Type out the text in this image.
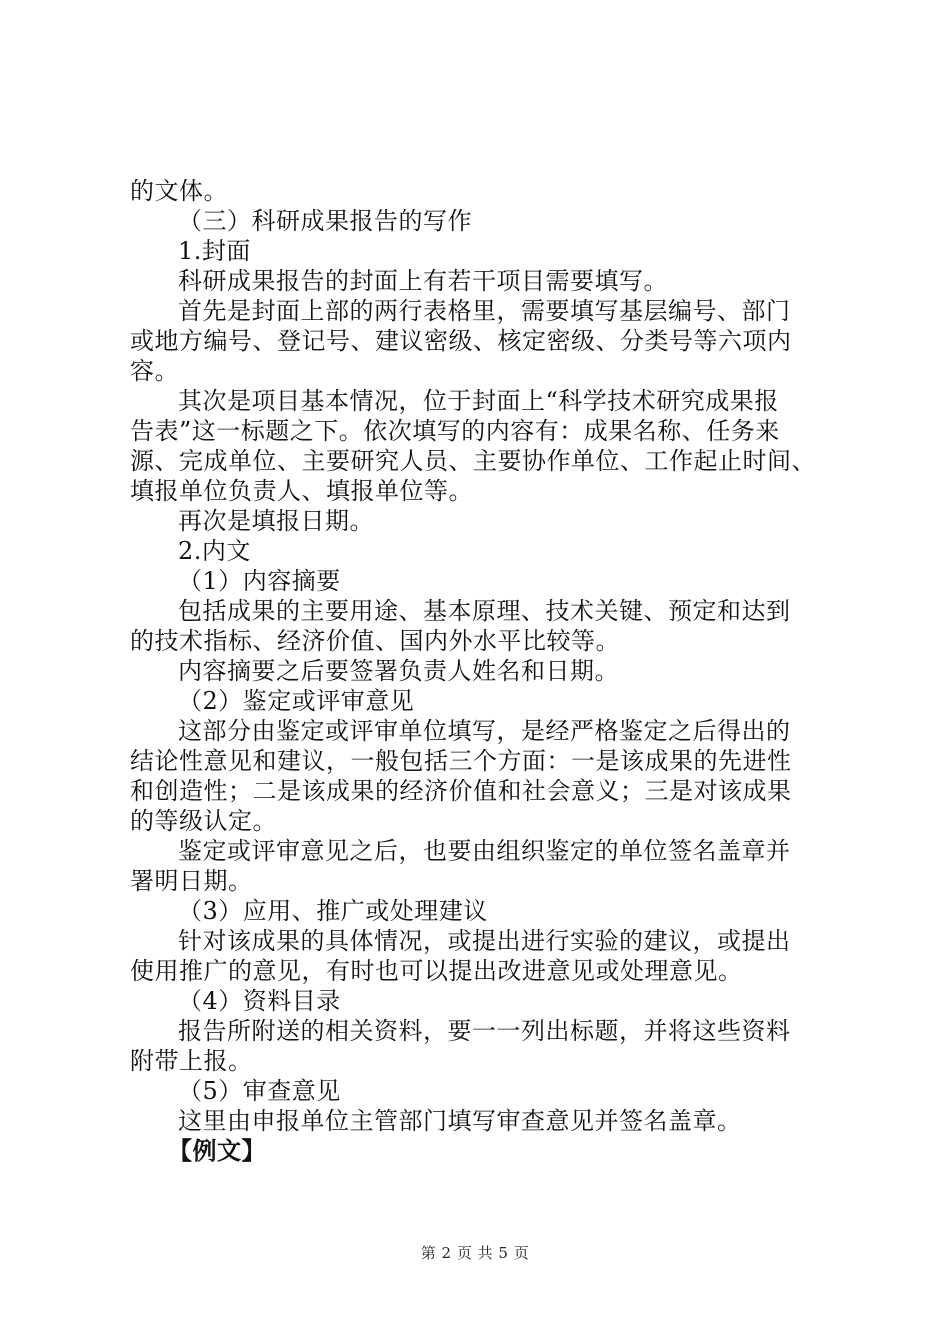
的文体。
（三）科研成果报告的写作
1.封面
科研成果报告的封面上有若干项目需要填写。
首先是封面上部的两行表格里，需要填写基层编号、部门
或地方编号、登记号、建议密级、核定密级、分类号等六项内
容。
其次是项目基本情况，位于封面上“科学技术研究成果报
告表”这一标题之下。依次填写的内容有：成果名称、任务来
源、完成单位、主要研究人员、主要协作单位、工作起止时间、
填报单位负责人、填报单位等。
再次是填报日期。
2.内文
（1）内容摘要
包括成果的主要用途、基本原理、技术关键、预定和达到
的技术指标、经济价值、国内外水平比较等。
内容摘要之后要签署负责人姓名和日期。
（2）鉴定或评审意见
这部分由鉴定或评审单位填写，是经严格鉴定之后得出的
结论性意见和建议，一般包括三个方面：一是该成果的先进性
和创造性；二是该成果的经济价值和社会意义；三是对该成果
的等级认定。
鉴定或评审意见之后，也要由组织鉴定的单位签名盖章并
署明日期。
（3）应用、推广或处理建议
针对该成果的具体情况，或提出进行实验的建议，或提出
使用推广的意见，有时也可以提出改进意见或处理意见。
（4）资料目录
报告所附送的相关资料，要一一列出标题，并将这些资料
附带上报。
（5）审查意见
这里由申报单位主管部门填写审查意见并签名盖章。
【例文】
第 2 页 共 5 页
